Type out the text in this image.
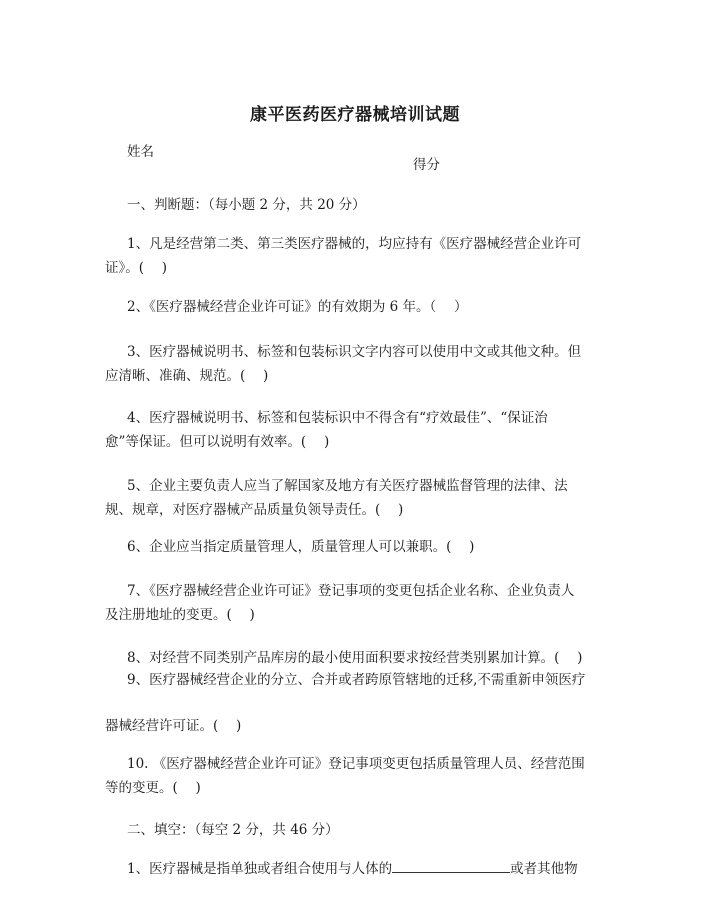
康平医药医疗器械培训试题
姓名
得分
一、判断题：（每小题 2 分，共 20 分）
1、凡是经营第二类、第三类医疗器械的，均应持有《医疗器械经营企业许可
证》。(　 )
2、《医疗器械经营企业许可证》的有效期为 6 年。（　 ）
3、医疗器械说明书、标签和包装标识文字内容可以使用中文或其他文种。但
应清晰、准确、规范。(　 )
4、医疗器械说明书、标签和包装标识中不得含有“疗效最佳”、“保证治
愈”等保证。但可以说明有效率。(　 )
5、企业主要负责人应当了解国家及地方有关医疗器械监督管理的法律、法
规、规章，对医疗器械产品质量负领导责任。(　 )
6、企业应当指定质量管理人，质量管理人可以兼职。(　 )
7、《医疗器械经营企业许可证》登记事项的变更包括企业名称、企业负责人
及注册地址的变更。(　 )
8、对经营不同类别产品库房的最小使用面积要求按经营类别累加计算。(　 )
9、医疗器械经营企业的分立、合并或者跨原管辖地的迁移,不需重新申领医疗
器械经营许可证。(　 )
10. 《医疗器械经营企业许可证》登记事项变更包括质量管理人员、经营范围
等的变更。(　 )
二、填空：（每空 2 分，共 46 分）
1、医疗器械是指单独或者组合使用与人体的	或者其他物
